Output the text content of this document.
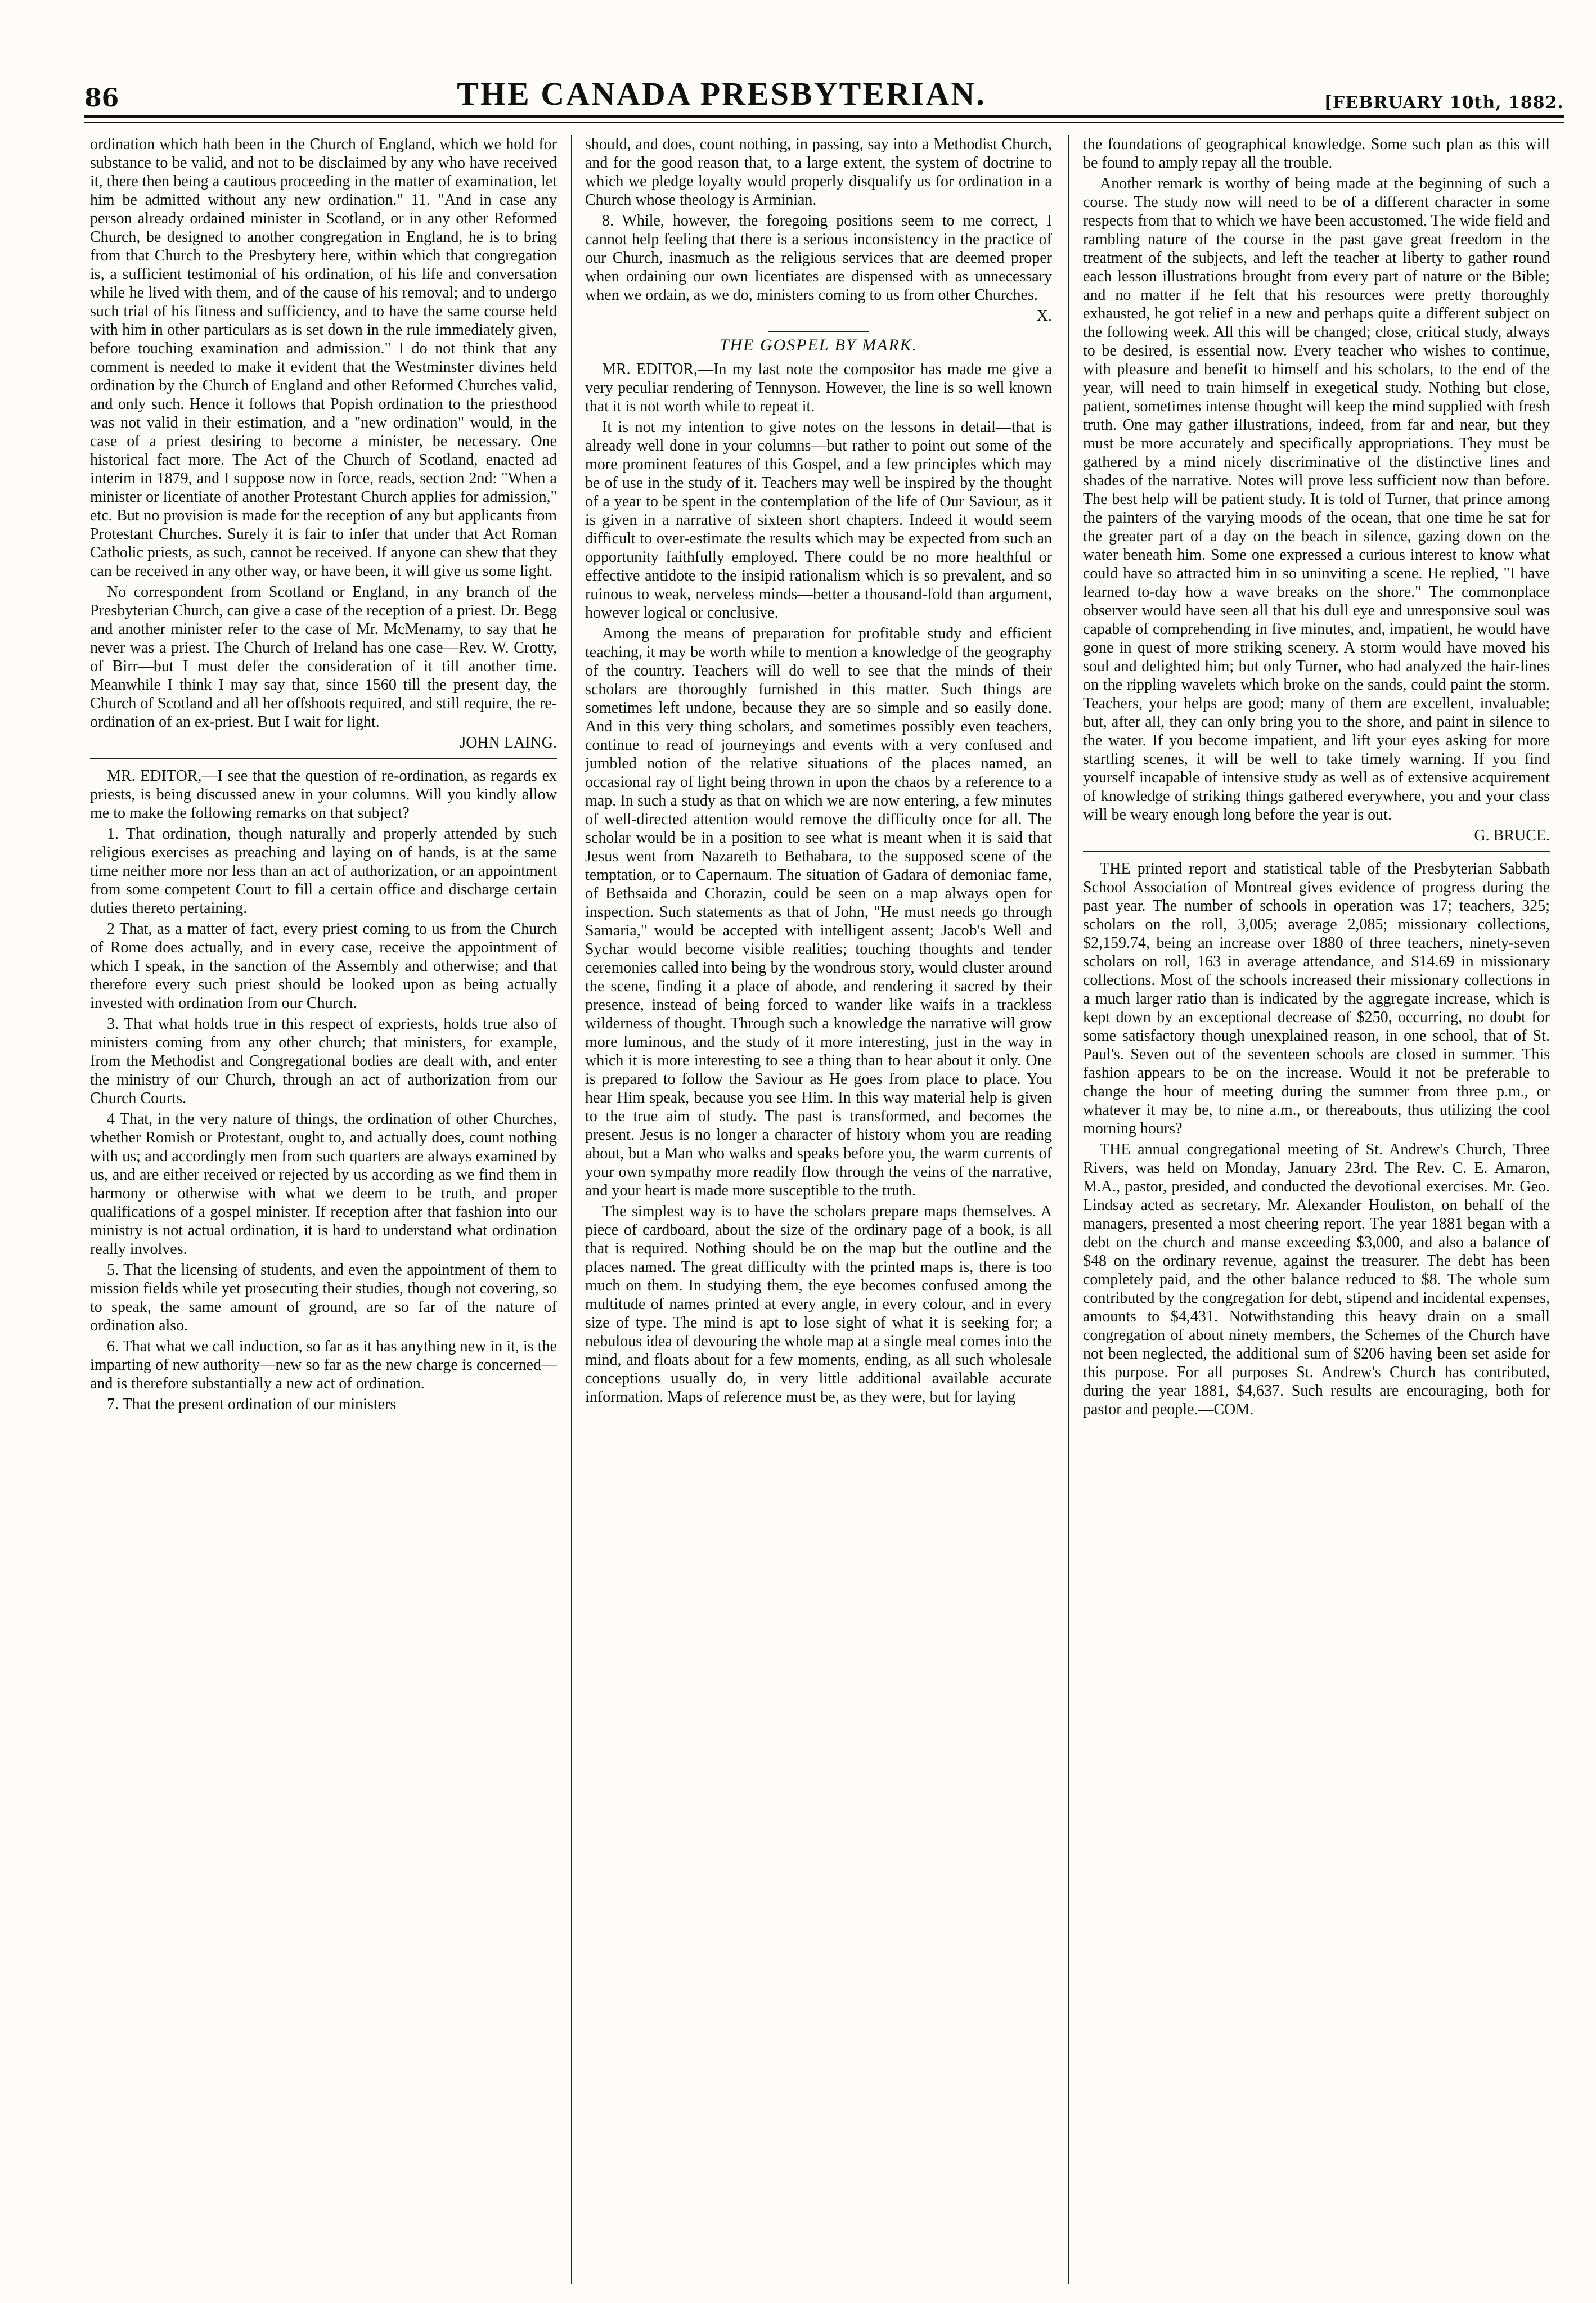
86	THE CANADA PRESBYTERIAN.	[FEBRUARY 10th, 1882.

ordination which hath been in the Church of England, which we hold for substance to be valid, and not to be disclaimed by any who have received it, there then being a cautious proceeding in the matter of examination, let him be admitted without any new ordination." 11. "And in case any person already ordained minister in Scotland, or in any other Reformed Church, be designed to another congregation in England, he is to bring from that Church to the Presbytery here, within which that congregation is, a sufficient testimonial of his ordination, of his life and conversation while he lived with them, and of the cause of his removal; and to undergo such trial of his fitness and sufficiency, and to have the same course held with him in other particulars as is set down in the rule immediately given, before touching examination and admission." I do not think that any comment is needed to make it evident that the Westminster divines held ordination by the Church of England and other Reformed Churches valid, and only such. Hence it follows that Popish ordination to the priesthood was not valid in their estimation, and a "new ordination" would, in the case of a priest desiring to become a minister, be necessary. One historical fact more. The Act of the Church of Scotland, enacted ad interim in 1879, and I suppose now in force, reads, section 2nd: "When a minister or licentiate of another Protestant Church applies for admission," etc. But no provision is made for the reception of any but applicants from Protestant Churches. Surely it is fair to infer that under that Act Roman Catholic priests, as such, cannot be received. If anyone can shew that they can be received in any other way, or have been, it will give us some light.

No correspondent from Scotland or England, in any branch of the Presbyterian Church, can give a case of the reception of a priest. Dr. Begg and another minister refer to the case of Mr. McMenamy, to say that he never was a priest. The Church of Ireland has one case—Rev. W. Crotty, of Birr—but I must defer the consideration of it till another time. Meanwhile I think I may say that, since 1560 till the present day, the Church of Scotland and all her offshoots required, and still require, the re-ordination of an ex-priest. But I wait for light.

JOHN LAING.

MR. EDITOR,—I see that the question of re-ordination, as regards ex priests, is being discussed anew in your columns. Will you kindly allow me to make the following remarks on that subject?

1. That ordination, though naturally and properly attended by such religious exercises as preaching and laying on of hands, is at the same time neither more nor less than an act of authorization, or an appointment from some competent Court to fill a certain office and discharge certain duties thereto pertaining.

2 That, as a matter of fact, every priest coming to us from the Church of Rome does actually, and in every case, receive the appointment of which I speak, in the sanction of the Assembly and otherwise; and that therefore every such priest should be looked upon as being actually invested with ordination from our Church.

3. That what holds true in this respect of expriests, holds true also of ministers coming from any other church; that ministers, for example, from the Methodist and Congregational bodies are dealt with, and enter the ministry of our Church, through an act of authorization from our Church Courts.

4 That, in the very nature of things, the ordination of other Churches, whether Romish or Protestant, ought to, and actually does, count nothing with us; and accordingly men from such quarters are always examined by us, and are either received or rejected by us according as we find them in harmony or otherwise with what we deem to be truth, and proper qualifications of a gospel minister. If reception after that fashion into our ministry is not actual ordination, it is hard to understand what ordination really involves.

5. That the licensing of students, and even the appointment of them to mission fields while yet prosecuting their studies, though not covering, so to speak, the same amount of ground, are so far of the nature of ordination also.

6. That what we call induction, so far as it has anything new in it, is the imparting of new authority—new so far as the new charge is concerned—and is therefore substantially a new act of ordination.

7. That the present ordination of our ministers

should, and does, count nothing, in passing, say into a Methodist Church, and for the good reason that, to a large extent, the system of doctrine to which we pledge loyalty would properly disqualify us for ordination in a Church whose theology is Arminian.

8. While, however, the foregoing positions seem to me correct, I cannot help feeling that there is a serious inconsistency in the practice of our Church, inasmuch as the religious services that are deemed proper when ordaining our own licentiates are dispensed with as unnecessary when we ordain, as we do, ministers coming to us from other Churches.

X.
THE GOSPEL BY MARK.

MR. EDITOR,—In my last note the compositor has made me give a very peculiar rendering of Tennyson. However, the line is so well known that it is not worth while to repeat it.

It is not my intention to give notes on the lessons in detail—that is already well done in your columns—but rather to point out some of the more prominent features of this Gospel, and a few principles which may be of use in the study of it. Teachers may well be inspired by the thought of a year to be spent in the contemplation of the life of Our Saviour, as it is given in a narrative of sixteen short chapters. Indeed it would seem difficult to over-estimate the results which may be expected from such an opportunity faithfully employed. There could be no more healthful or effective antidote to the insipid rationalism which is so prevalent, and so ruinous to weak, nerveless minds—better a thousand-fold than argument, however logical or conclusive.

Among the means of preparation for profitable study and efficient teaching, it may be worth while to mention a knowledge of the geography of the country. Teachers will do well to see that the minds of their scholars are thoroughly furnished in this matter. Such things are sometimes left undone, because they are so simple and so easily done. And in this very thing scholars, and sometimes possibly even teachers, continue to read of journeyings and events with a very confused and jumbled notion of the relative situations of the places named, an occasional ray of light being thrown in upon the chaos by a reference to a map. In such a study as that on which we are now entering, a few minutes of well-directed attention would remove the difficulty once for all. The scholar would be in a position to see what is meant when it is said that Jesus went from Nazareth to Bethabara, to the supposed scene of the temptation, or to Capernaum. The situation of Gadara of demoniac fame, of Bethsaida and Chorazin, could be seen on a map always open for inspection. Such statements as that of John, "He must needs go through Samaria," would be accepted with intelligent assent; Jacob's Well and Sychar would become visible realities; touching thoughts and tender ceremonies called into being by the wondrous story, would cluster around the scene, finding it a place of abode, and rendering it sacred by their presence, instead of being forced to wander like waifs in a trackless wilderness of thought. Through such a knowledge the narrative will grow more luminous, and the study of it more interesting, just in the way in which it is more interesting to see a thing than to hear about it only. One is prepared to follow the Saviour as He goes from place to place. You hear Him speak, because you see Him. In this way material help is given to the true aim of study. The past is transformed, and becomes the present. Jesus is no longer a character of history whom you are reading about, but a Man who walks and speaks before you, the warm currents of your own sympathy more readily flow through the veins of the narrative, and your heart is made more susceptible to the truth.

The simplest way is to have the scholars prepare maps themselves. A piece of cardboard, about the size of the ordinary page of a book, is all that is required. Nothing should be on the map but the outline and the places named. The great difficulty with the printed maps is, there is too much on them. In studying them, the eye becomes confused among the multitude of names printed at every angle, in every colour, and in every size of type. The mind is apt to lose sight of what it is seeking for; a nebulous idea of devouring the whole map at a single meal comes into the mind, and floats about for a few moments, ending, as all such wholesale conceptions usually do, in very little additional available accurate information. Maps of reference must be, as they were, but for laying

the foundations of geographical knowledge. Some such plan as this will be found to amply repay all the trouble.

Another remark is worthy of being made at the beginning of such a course. The study now will need to be of a different character in some respects from that to which we have been accustomed. The wide field and rambling nature of the course in the past gave great freedom in the treatment of the subjects, and left the teacher at liberty to gather round each lesson illustrations brought from every part of nature or the Bible; and no matter if he felt that his resources were pretty thoroughly exhausted, he got relief in a new and perhaps quite a different subject on the following week. All this will be changed; close, critical study, always to be desired, is essential now. Every teacher who wishes to continue, with pleasure and benefit to himself and his scholars, to the end of the year, will need to train himself in exegetical study. Nothing but close, patient, sometimes intense thought will keep the mind supplied with fresh truth. One may gather illustrations, indeed, from far and near, but they must be more accurately and specifically appropriations. They must be gathered by a mind nicely discriminative of the distinctive lines and shades of the narrative. Notes will prove less sufficient now than before. The best help will be patient study. It is told of Turner, that prince among the painters of the varying moods of the ocean, that one time he sat for the greater part of a day on the beach in silence, gazing down on the water beneath him. Some one expressed a curious interest to know what could have so attracted him in so uninviting a scene. He replied, "I have learned to-day how a wave breaks on the shore." The commonplace observer would have seen all that his dull eye and unresponsive soul was capable of comprehending in five minutes, and, impatient, he would have gone in quest of more striking scenery. A storm would have moved his soul and delighted him; but only Turner, who had analyzed the hair-lines on the rippling wavelets which broke on the sands, could paint the storm. Teachers, your helps are good; many of them are excellent, invaluable; but, after all, they can only bring you to the shore, and paint in silence to the water. If you become impatient, and lift your eyes asking for more startling scenes, it will be well to take timely warning. If you find yourself incapable of intensive study as well as of extensive acquirement of knowledge of striking things gathered everywhere, you and your class will be weary enough long before the year is out.

G. BRUCE.

THE printed report and statistical table of the Presbyterian Sabbath School Association of Montreal gives evidence of progress during the past year. The number of schools in operation was 17; teachers, 325; scholars on the roll, 3,005; average 2,085; missionary collections, $2,159.74, being an increase over 1880 of three teachers, ninety-seven scholars on roll, 163 in average attendance, and $14.69 in missionary collections. Most of the schools increased their missionary collections in a much larger ratio than is indicated by the aggregate increase, which is kept down by an exceptional decrease of $250, occurring, no doubt for some satisfactory though unexplained reason, in one school, that of St. Paul's. Seven out of the seventeen schools are closed in summer. This fashion appears to be on the increase. Would it not be preferable to change the hour of meeting during the summer from three p.m., or whatever it may be, to nine a.m., or thereabouts, thus utilizing the cool morning hours?

THE annual congregational meeting of St. Andrew's Church, Three Rivers, was held on Monday, January 23rd. The Rev. C. E. Amaron, M.A., pastor, presided, and conducted the devotional exercises. Mr. Geo. Lindsay acted as secretary. Mr. Alexander Houliston, on behalf of the managers, presented a most cheering report. The year 1881 began with a debt on the church and manse exceeding $3,000, and also a balance of $48 on the ordinary revenue, against the treasurer. The debt has been completely paid, and the other balance reduced to $8. The whole sum contributed by the congregation for debt, stipend and incidental expenses, amounts to $4,431. Notwithstanding this heavy drain on a small congregation of about ninety members, the Schemes of the Church have not been neglected, the additional sum of $206 having been set aside for this purpose. For all purposes St. Andrew's Church has contributed, during the year 1881, $4,637. Such results are encouraging, both for pastor and people.—COM.
